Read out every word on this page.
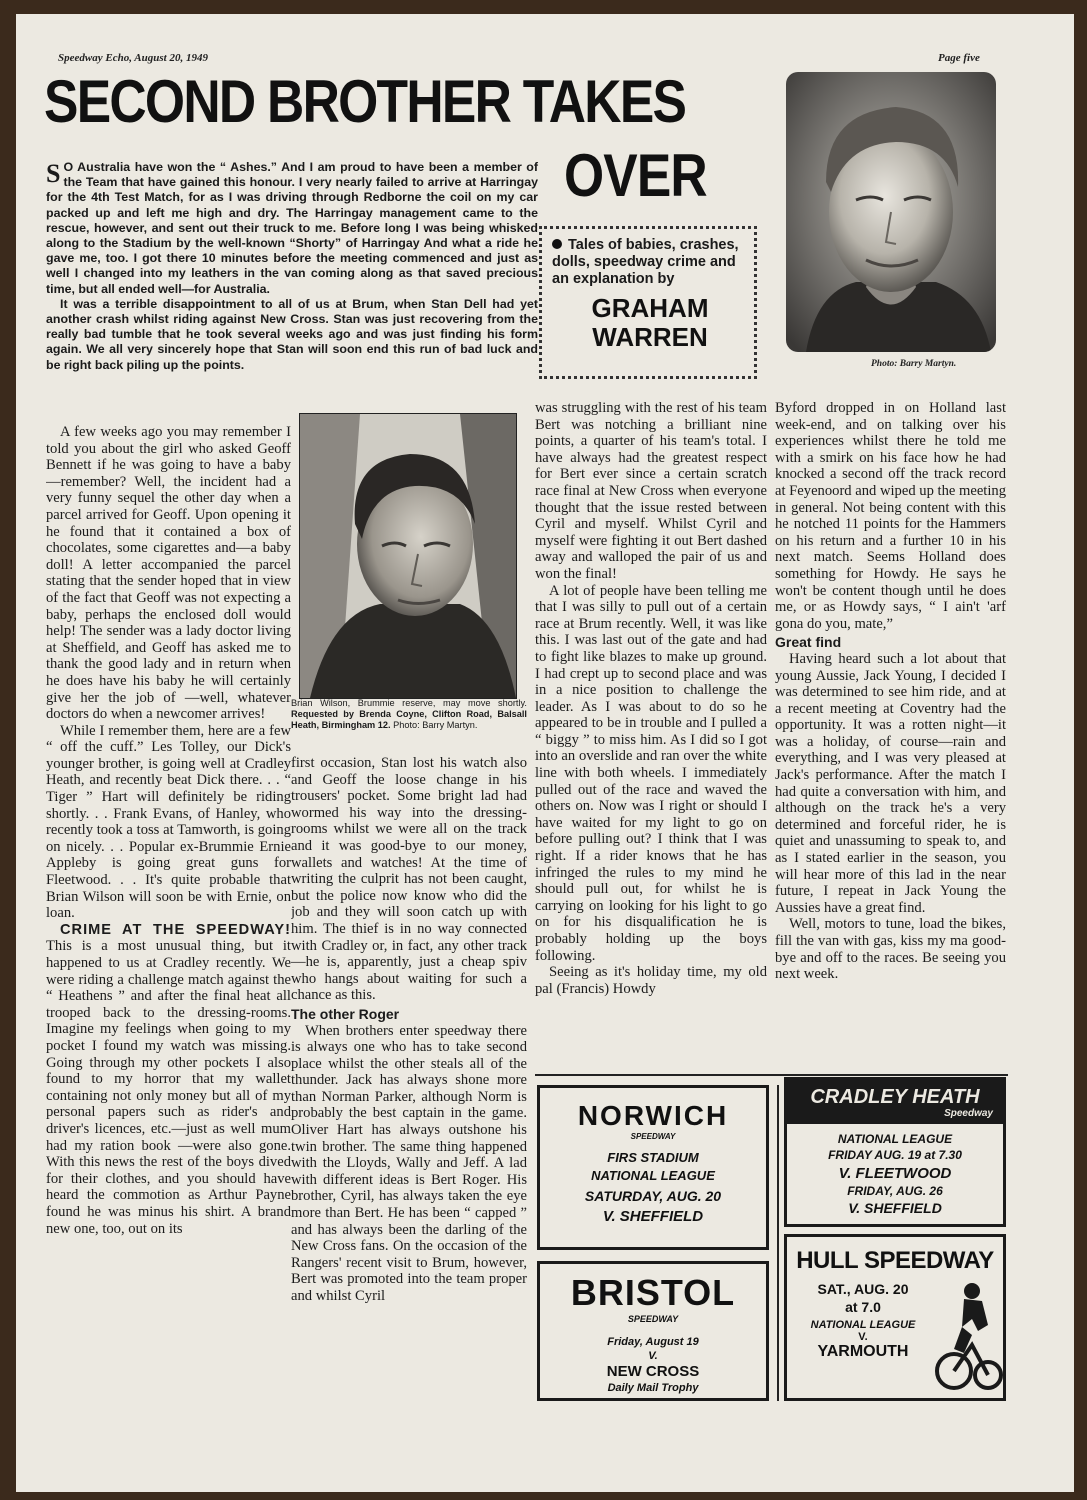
Speedway Echo, August 20, 1949	Page five
SECOND BROTHER TAKES
OVER
Photo: Barry Martyn.

S O Australia have won the “ Ashes.” And I am proud to have been a member of the Team that have gained this honour. I very nearly failed to arrive at Harringay for the 4th Test Match, for as I was driving through Redborne the coil on my car packed up and left me high and dry. The Harringay management came to the rescue, however, and sent out their truck to me. Before long I was being whisked along to the Stadium by the well-known “Shorty” of Harringay And what a ride he gave me, too. I got there 10 minutes before the meeting commenced and just as well I changed into my leathers in the van coming along as that saved precious time, but all ended well—for Australia.

It was a terrible disappointment to all of us at Brum, when Stan Dell had yet another crash whilst riding against New Cross. Stan was just recovering from the really bad tumble that he took several weeks ago and was just finding his form again. We all very sincerely hope that Stan will soon end this run of bad luck and be right back piling up the points.

Tales of babies, crashes, dolls, speedway crime and an explanation by
GRAHAM WARREN

A few weeks ago you may remember I told you about the girl who asked Geoff Bennett if he was going to have a baby —remember? Well, the incident had a very funny sequel the other day when a parcel arrived for Geoff. Upon opening it he found that it contained a box of chocolates, some cigarettes and—a baby doll! A letter accompanied the parcel stating that the sender hoped that in view of the fact that Geoff was not expecting a baby, perhaps the enclosed doll would help! The sender was a lady doctor living at Sheffield, and Geoff has asked me to thank the good lady and in return when he does have his baby he will certainly give her the job of —well, whatever doctors do when a newcomer arrives!

While I remember them, here are a few “ off the cuff.” Les Tolley, our Dick's younger brother, is going well at Cradley Heath, and recently beat Dick there. . . “ Tiger ” Hart will definitely be riding shortly. . . Frank Evans, of Hanley, who recently took a toss at Tamworth, is going on nicely. . . Popular ex-Brummie Ernie Appleby is going great guns for Fleetwood. . . It's quite probable that Brian Wilson will soon be with Ernie, on loan.

CRIME AT THE SPEEDWAY! This is a most unusual thing, but it happened to us at Cradley recently. We were riding a challenge match against the “ Heathens ” and after the final heat all trooped back to the dressing-rooms. Imagine my feelings when going to my pocket I found my watch was missing. Going through my other pockets I also found to my horror that my wallet containing not only money but all of my personal papers such as rider's and driver's licences, etc.—just as well mum had my ration book —were also gone. With this news the rest of the boys dived for their clothes, and you should have heard the commotion as Arthur Payne found he was minus his shirt. A brand new one, too, out on its

Brian Wilson, Brummie reserve, may move shortly. Requested by Brenda Coyne, Clifton Road, Balsall Heath, Birmingham 12. Photo: Barry Martyn.

first occasion, Stan lost his watch also and Geoff the loose change in his trousers' pocket. Some bright lad had wormed his way into the dressing-rooms whilst we were all on the track and it was good-bye to our money, wallets and watches! At the time of writing the culprit has not been caught, but the police now know who did the job and they will soon catch up with him. The thief is in no way connected with Cradley or, in fact, any other track—he is, apparently, just a cheap spiv who hangs about waiting for such a chance as this.

The other Roger

When brothers enter speedway there is always one who has to take second place whilst the other steals all of the thunder. Jack has always shone more than Norman Parker, although Norm is probably the best captain in the game. Oliver Hart has always outshone his twin brother. The same thing happened with the Lloyds, Wally and Jeff. A lad with different ideas is Bert Roger. His brother, Cyril, has always taken the eye more than Bert. He has been “ capped ” and has always been the darling of the New Cross fans. On the occasion of the Rangers' recent visit to Brum, however, Bert was promoted into the team proper and whilst Cyril

was struggling with the rest of his team Bert was notching a brilliant nine points, a quarter of his team's total. I have always had the greatest respect for Bert ever since a certain scratch race final at New Cross when everyone thought that the issue rested between Cyril and myself. Whilst Cyril and myself were fighting it out Bert dashed away and walloped the pair of us and won the final!

A lot of people have been telling me that I was silly to pull out of a certain race at Brum recently. Well, it was like this. I was last out of the gate and had to fight like blazes to make up ground. I had crept up to second place and was in a nice position to challenge the leader. As I was about to do so he appeared to be in trouble and I pulled a “ biggy ” to miss him. As I did so I got into an overslide and ran over the white line with both wheels. I immediately pulled out of the race and waved the others on. Now was I right or should I have waited for my light to go on before pulling out? I think that I was right. If a rider knows that he has infringed the rules to my mind he should pull out, for whilst he is carrying on looking for his light to go on for his disqualification he is probably holding up the boys following.

Seeing as it's holiday time, my old pal (Francis) Howdy

Byford dropped in on Holland last week-end, and on talking over his experiences whilst there he told me with a smirk on his face how he had knocked a second off the track record at Feyenoord and wiped up the meeting in general. Not being content with this he notched 11 points for the Hammers on his return and a further 10 in his next match. Seems Holland does something for Howdy. He says he won't be content though until he does me, or as Howdy says, “ I ain't 'arf gona do you, mate,”

Great find

Having heard such a lot about that young Aussie, Jack Young, I decided I was determined to see him ride, and at a recent meeting at Coventry had the opportunity. It was a rotten night—it was a holiday, of course—rain and everything, and I was very pleased at Jack's performance. After the match I had quite a conversation with him, and although on the track he's a very determined and forceful rider, he is quiet and unassuming to speak to, and as I stated earlier in the season, you will hear more of this lad in the near future, I repeat in Jack Young the Aussies have a great find.

Well, motors to tune, load the bikes, fill the van with gas, kiss my ma good-bye and off to the races. Be seeing you next week.

NORWICH
SPEEDWAY
FIRS STADIUM
NATIONAL LEAGUE
SATURDAY, AUG. 20
V. SHEFFIELD
BRISTOL
SPEEDWAY
Friday, August 19
V.
NEW CROSS
Daily Mail Trophy
CRADLEY HEATH
Speedway
NATIONAL LEAGUE
FRIDAY AUG. 19 at 7.30
V. FLEETWOOD
FRIDAY, AUG. 26
V. SHEFFIELD
HULL SPEEDWAY
SAT., AUG. 20
at 7.0
NATIONAL LEAGUE
V.
YARMOUTH
